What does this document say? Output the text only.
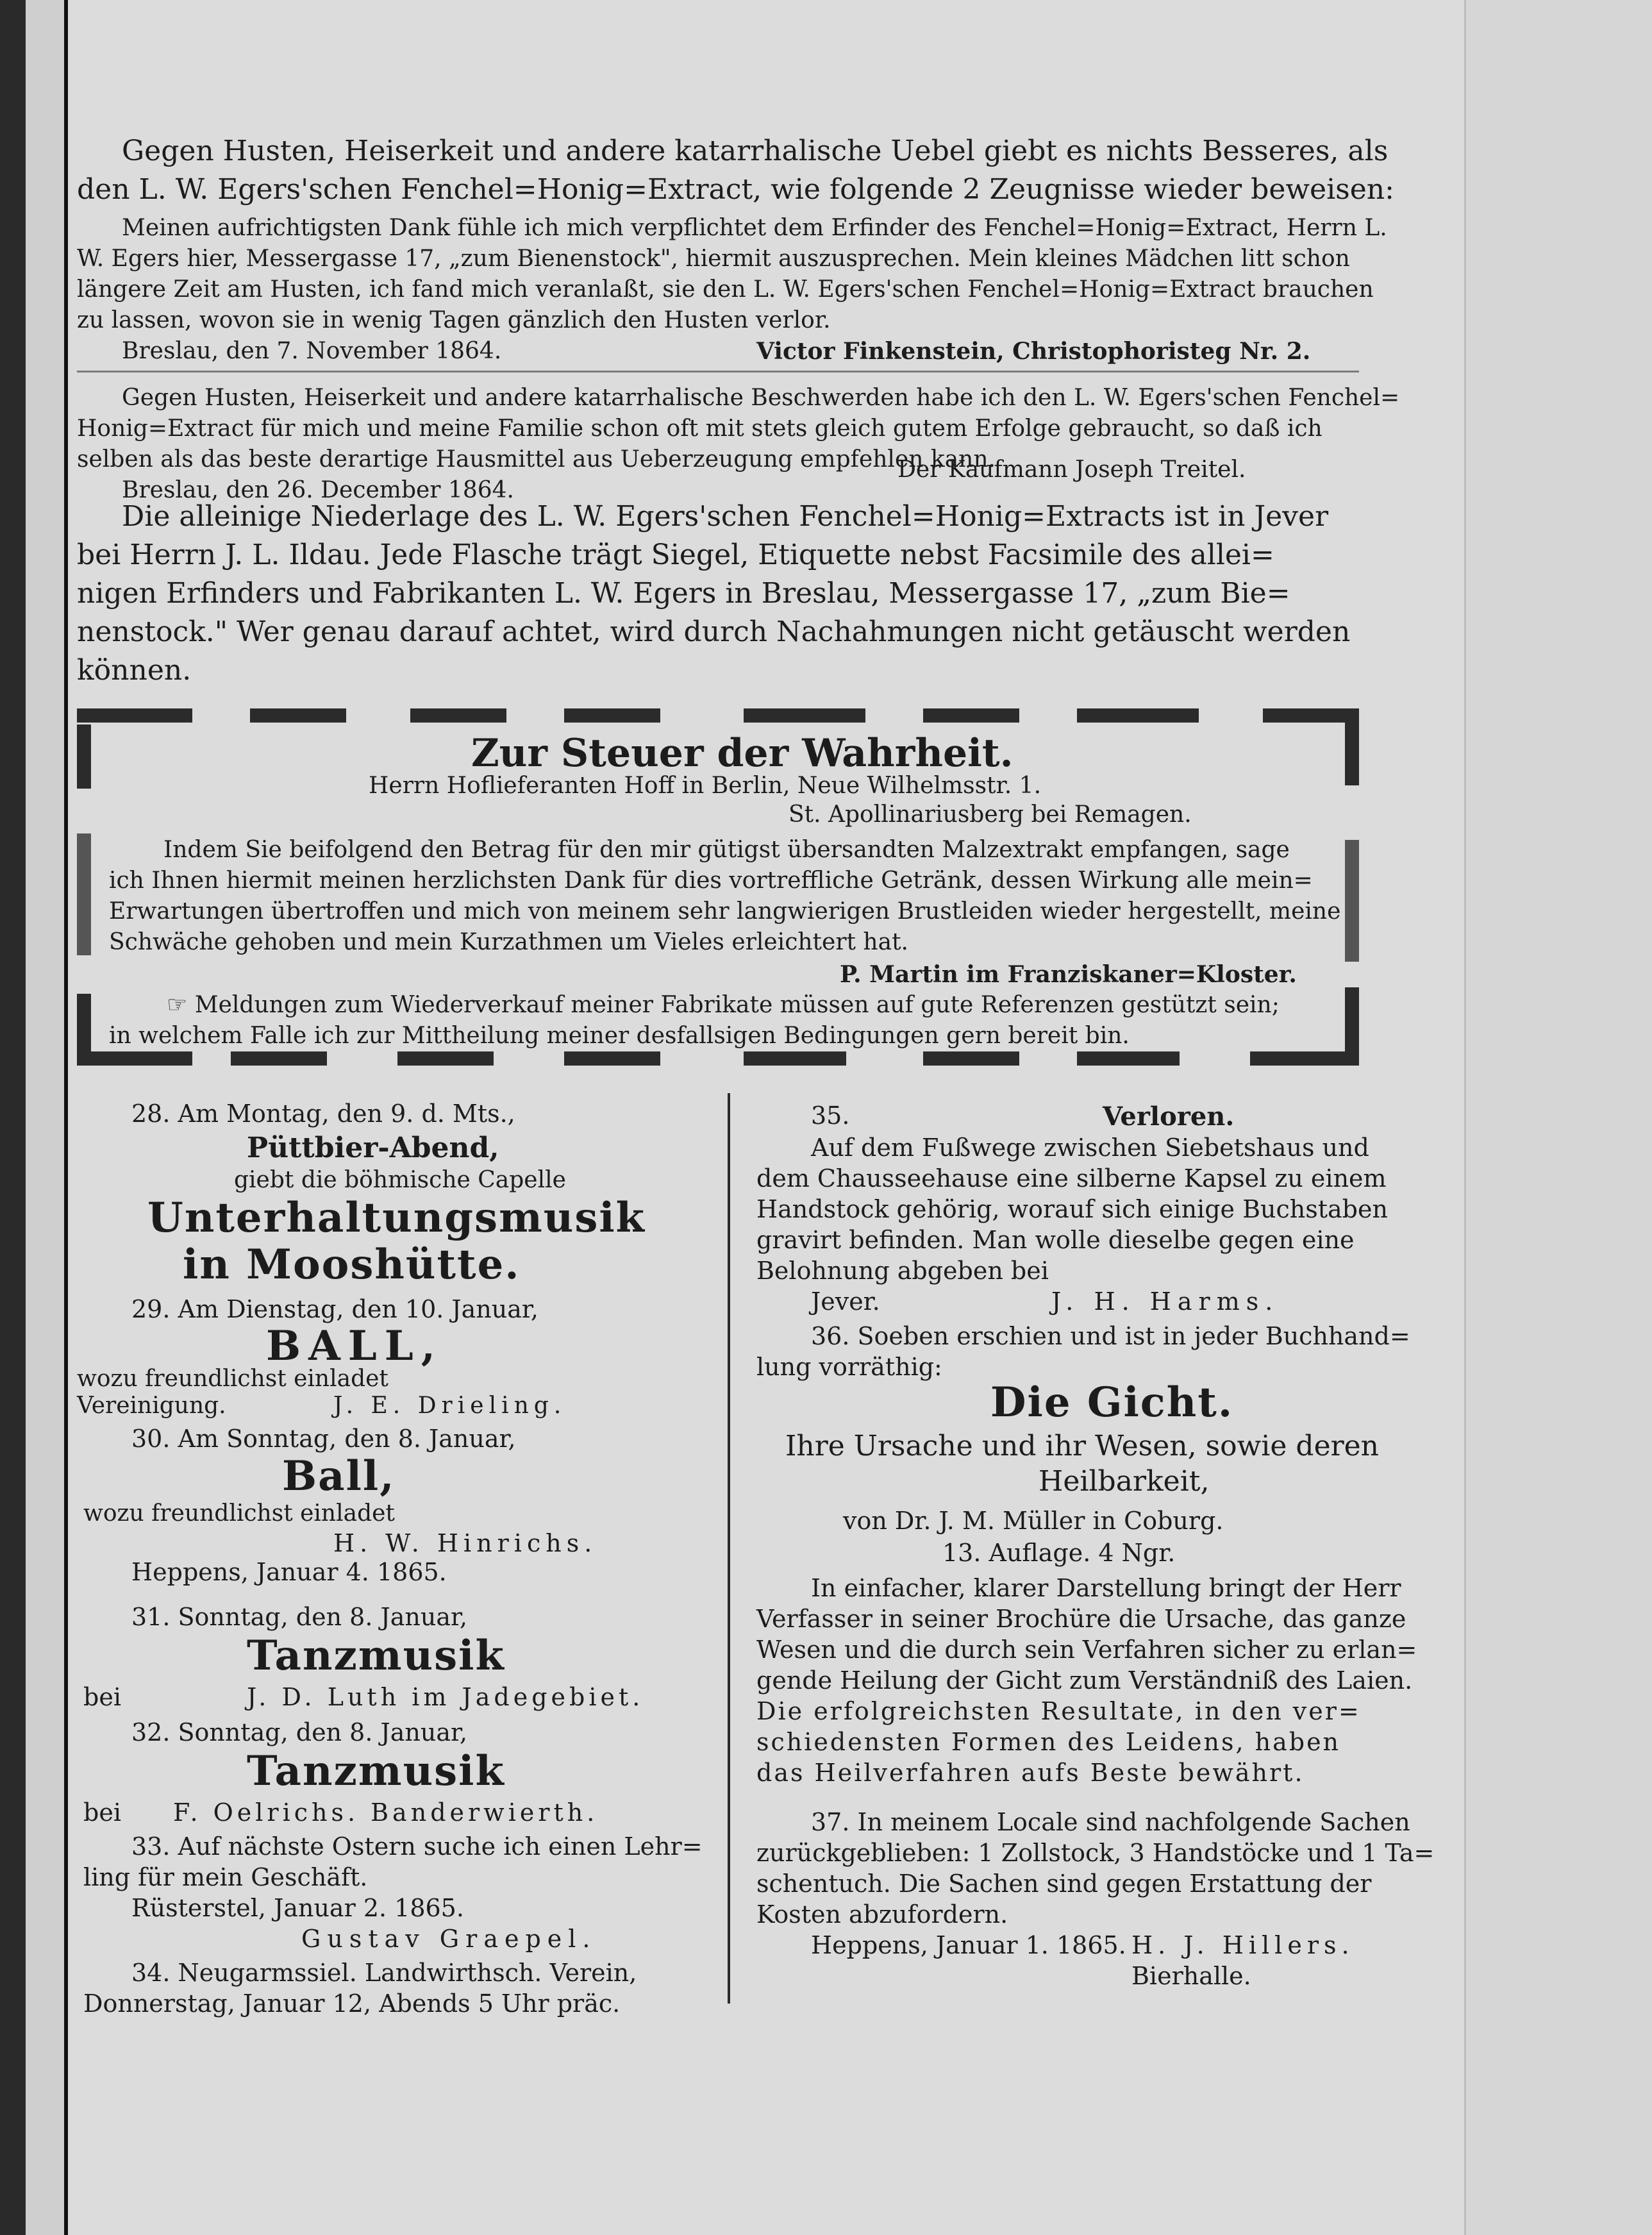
Gegen Husten, Heiserkeit und andere katarrhalische Uebel giebt es nichts Besseres, als
den L. W. Egers'schen Fenchel=Honig=Extract, wie folgende 2 Zeugnisse wieder beweisen:
Meinen aufrichtigsten Dank fühle ich mich verpflichtet dem Erfinder des Fenchel=Honig=Extract, Herrn L.
W. Egers hier, Messergasse 17, „zum Bienenstock", hiermit auszusprechen. Mein kleines Mädchen litt schon
längere Zeit am Husten, ich fand mich veranlaßt, sie den L. W. Egers'schen Fenchel=Honig=Extract brauchen
zu lassen, wovon sie in wenig Tagen gänzlich den Husten verlor.
Breslau, den 7. November 1864.	Victor Finkenstein, Christophoristeg Nr. 2.
Gegen Husten, Heiserkeit und andere katarrhalische Beschwerden habe ich den L. W. Egers'schen Fenchel=
Honig=Extract für mich und meine Familie schon oft mit stets gleich gutem Erfolge gebraucht, so daß ich
selben als das beste derartige Hausmittel aus Ueberzeugung empfehlen kann.
Der Kaufmann Joseph Treitel.
Breslau, den 26. December 1864.
Die alleinige Niederlage des L. W. Egers'schen Fenchel=Honig=Extracts ist in Jever
bei Herrn J. L. Ildau. Jede Flasche trägt Siegel, Etiquette nebst Facsimile des allei=
nigen Erfinders und Fabrikanten L. W. Egers in Breslau, Messergasse 17, „zum Bie=
nenstock." Wer genau darauf achtet, wird durch Nachahmungen nicht getäuscht werden
können.
Zur Steuer der Wahrheit.
Herrn Hoflieferanten Hoff in Berlin, Neue Wilhelmsstr. 1.
St. Apollinariusberg bei Remagen.
Indem Sie beifolgend den Betrag für den mir gütigst übersandten Malzextrakt empfangen, sage
ich Ihnen hiermit meinen herzlichsten Dank für dies vortreffliche Getränk, dessen Wirkung alle mein=
Erwartungen übertroffen und mich von meinem sehr langwierigen Brustleiden wieder hergestellt, meine
Schwäche gehoben und mein Kurzathmen um Vieles erleichtert hat.
P. Martin im Franziskaner=Kloster.
☞ Meldungen zum Wiederverkauf meiner Fabrikate müssen auf gute Referenzen gestützt sein;
in welchem Falle ich zur Mittheilung meiner desfallsigen Bedingungen gern bereit bin.
28. Am Montag, den 9. d. Mts.,
Püttbier-Abend,
giebt die böhmische Capelle
Unterhaltungsmusik
in Mooshütte.
29. Am Dienstag, den 10. Januar,
BALL,
wozu freundlichst einladet
Vereinigung.	J. E. Drieling.
30. Am Sonntag, den 8. Januar,
Ball,
wozu freundlichst einladet
H. W. Hinrichs.
Heppens, Januar 4. 1865.
31. Sonntag, den 8. Januar,
Tanzmusik
bei	J. D. Luth im Jadegebiet.
32. Sonntag, den 8. Januar,
Tanzmusik
bei F. Oelrichs. Banderwierth.
33. Auf nächste Ostern suche ich einen Lehr=
ling für mein Geschäft.
Rüsterstel, Januar 2. 1865.
Gustav Graepel.
34. Neugarmssiel. Landwirthsch. Verein,
Donnerstag, Januar 12, Abends 5 Uhr präc.
35.	Verloren.
Auf dem Fußwege zwischen Siebetshaus und
dem Chausseehause eine silberne Kapsel zu einem
Handstock gehörig, worauf sich einige Buchstaben
gravirt befinden. Man wolle dieselbe gegen eine
Belohnung abgeben bei
Jever.	J. H. Harms.
36. Soeben erschien und ist in jeder Buchhand=
lung vorräthig:
Die Gicht.
Ihre Ursache und ihr Wesen, sowie deren
Heilbarkeit,
von Dr. J. M. Müller in Coburg.
13. Auflage. 4 Ngr.
In einfacher, klarer Darstellung bringt der Herr
Verfasser in seiner Brochüre die Ursache, das ganze
Wesen und die durch sein Verfahren sicher zu erlan=
gende Heilung der Gicht zum Verständniß des Laien.
Die erfolgreichsten Resultate, in den ver=
schiedensten Formen des Leidens, haben
das Heilverfahren aufs Beste bewährt.
37. In meinem Locale sind nachfolgende Sachen
zurückgeblieben: 1 Zollstock, 3 Handstöcke und 1 Ta=
schentuch. Die Sachen sind gegen Erstattung der
Kosten abzufordern.
Heppens, Januar 1. 1865. H. J. Hillers.
Bierhalle.
